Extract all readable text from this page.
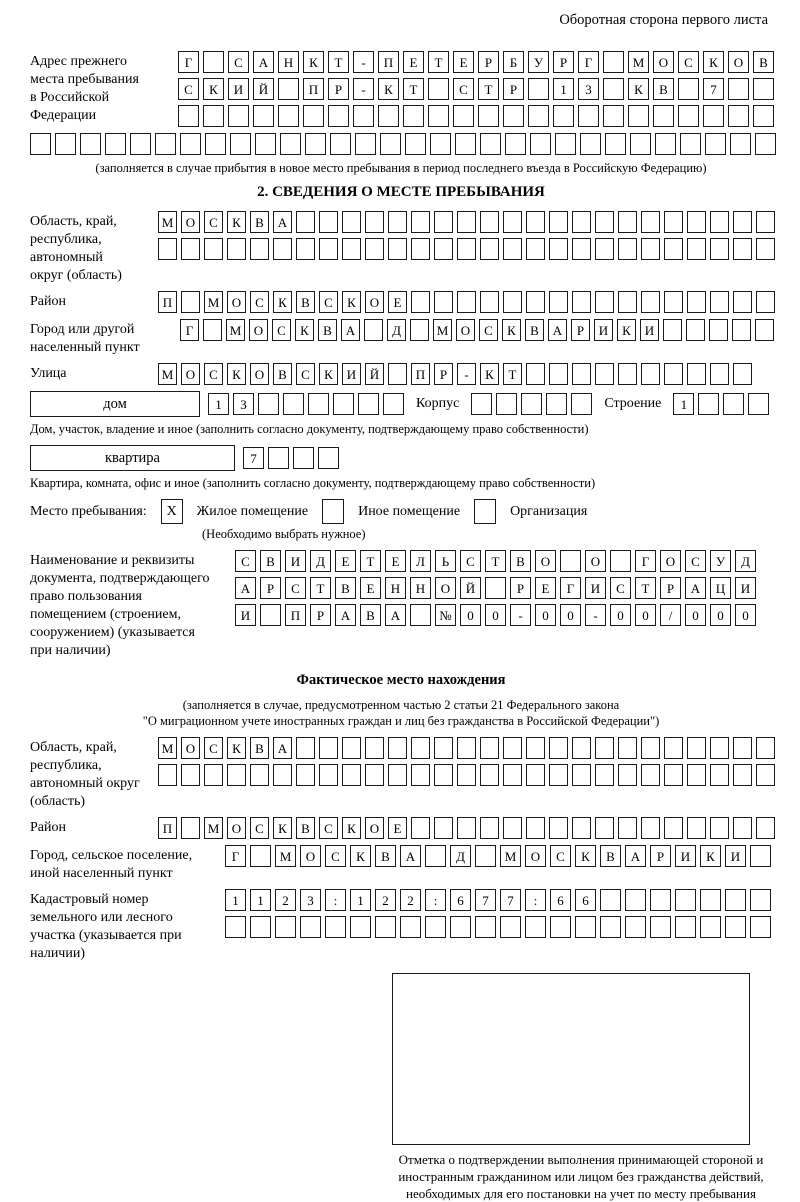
Оборотная сторона первого листа
Адрес прежнего места пребывания в Российской Федерации
Г	С	А	Н	К	Т	-	П	Е	Т	Е	Р	Б	У	Р	Г	М	О	С	К	О	В
С	К	И	Й	П	Р	-	К	Т	С	Т	Р	1	3	К	В	7
(заполняется в случае прибытия в новое место пребывания в период последнего въезда в Российскую Федерацию)
2. СВЕДЕНИЯ О МЕСТЕ ПРЕБЫВАНИЯ
Область, край, республика, автономный округ (область)
М О	С	К	В	А
Район	П	М О	С	К	В	С	К	О	Е
Город или другой населенный пункт
Г	М О	С	К	В	А	Д	М О	С	К	В	А	Р	И	К	И
Улица	М О	С	К	О	В	С	К	И	Й	П	Р	-	К	Т
дом	1	3	Корпус	Строение	1
Дом, участок, владение и иное (заполнить согласно документу, подтверждающему право собственности)
квартира	7
Квартира, комната, офис и иное (заполнить согласно документу, подтверждающему право собственности)
Место пребывания:	X	Жилое помещение	Иное помещение	Организация
(Необходимо выбрать нужное)
Наименование и реквизиты документа, подтверждающего право пользования помещением (строением, сооружением) (указывается при наличии)
С	В	И	Д	Е	Т	Е	Л	Ь	С	Т	В	О	О	Г	О	С	У	Д
А	Р	С	Т	В	Е	Н	Н	О	Й	Р	Е	Г	И	С	Т	Р	А	Ц	И
И	П	Р	А	В	А	№	0	0	-	0	0	-	0	0	/	0	0	0
Фактическое место нахождения
(заполняется в случае, предусмотренном частью 2 статьи 21 Федерального закона
"О миграционном учете иностранных граждан и лиц без гражданства в Российской Федерации")
Область, край, республика, автономный округ (область)
М О	С	К	В	А
Район	П	М О	С	К	В	С	К	О	Е
Город, сельское поселение, иной населенный пункт
Г	М	О	С	К	В	А	Д	М	О	С	К	В	А	Р	И	К	И
Кадастровый номер земельного или лесного участка (указывается при наличии)
1	1	2	3	:	1	2	2	:	6	7	7	:	6	6
Отметка о подтверждении выполнения принимающей стороной и иностранным гражданином или лицом без гражданства действий, необходимых для его постановки на учет по месту пребывания
